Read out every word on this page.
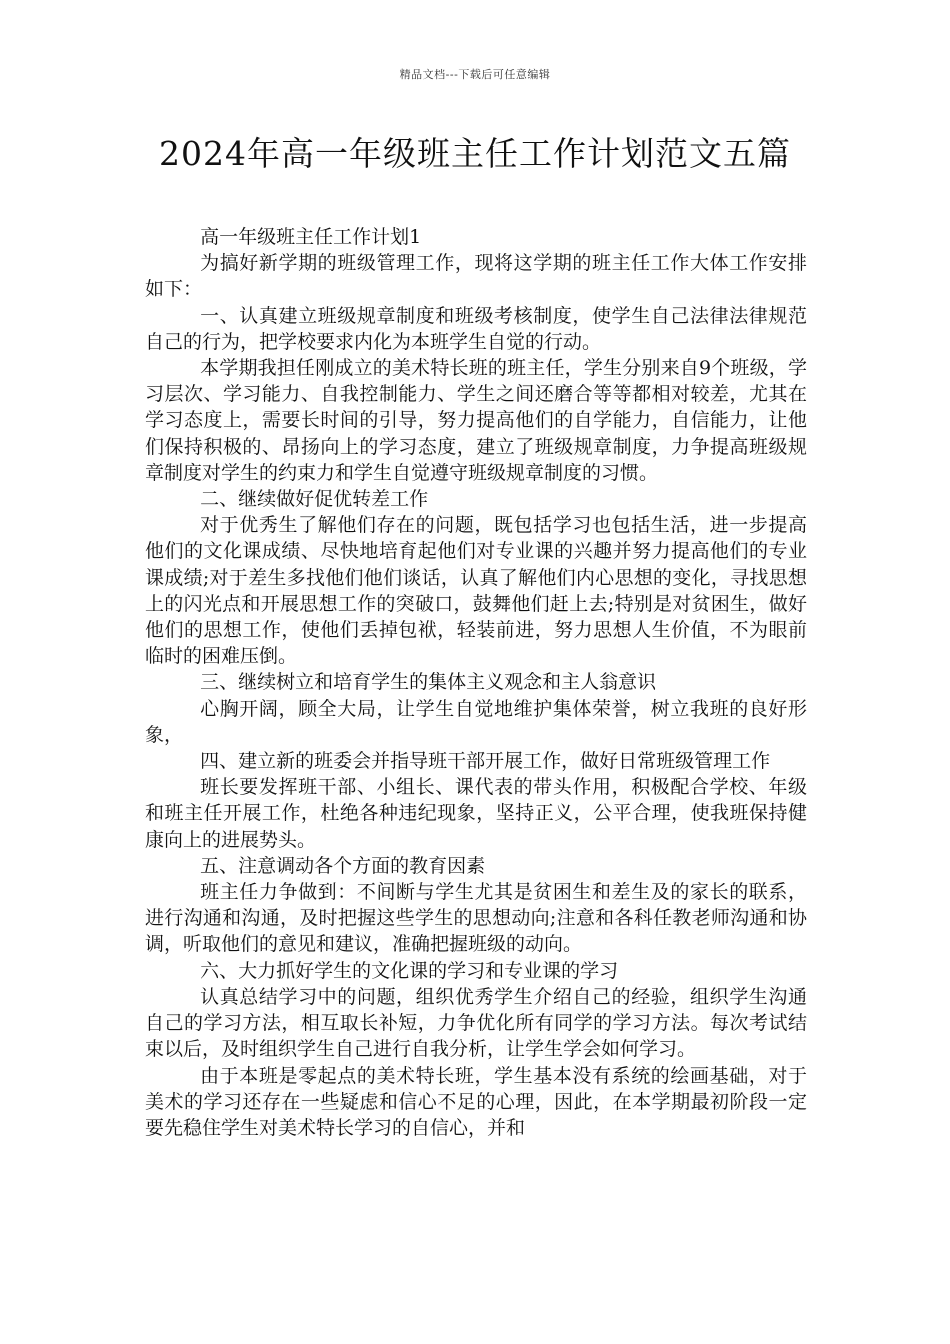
精品文档---下载后可任意编辑
2024年高一年级班主任工作计划范文五篇

高一年级班主任工作计划1

为搞好新学期的班级管理工作，现将这学期的班主任工作大体工作安排如下：

一、认真建立班级规章制度和班级考核制度，使学生自己法律法律规范自己的行为，把学校要求内化为本班学生自觉的行动。

本学期我担任刚成立的美术特长班的班主任，学生分别来自9个班级，学习层次、学习能力、自我控制能力、学生之间还磨合等等都相对较差，尤其在学习态度上，需要长时间的引导，努力提高他们的自学能力，自信能力，让他们保持积极的、昂扬向上的学习态度，建立了班级规章制度，力争提高班级规章制度对学生的约束力和学生自觉遵守班级规章制度的习惯。

二、继续做好促优转差工作

对于优秀生了解他们存在的问题，既包括学习也包括生活，进一步提高他们的文化课成绩、尽快地培育起他们对专业课的兴趣并努力提高他们的专业课成绩;对于差生多找他们他们谈话，认真了解他们内心思想的变化，寻找思想上的闪光点和开展思想工作的突破口，鼓舞他们赶上去;特别是对贫困生，做好他们的思想工作，使他们丢掉包袱，轻装前进，努力思想人生价值，不为眼前临时的困难压倒。

三、继续树立和培育学生的集体主义观念和主人翁意识

心胸开阔，顾全大局，让学生自觉地维护集体荣誉，树立我班的良好形象，

四、建立新的班委会并指导班干部开展工作，做好日常班级管理工作

班长要发挥班干部、小组长、课代表的带头作用，积极配合学校、年级和班主任开展工作，杜绝各种违纪现象，坚持正义，公平合理，使我班保持健康向上的进展势头。

五、注意调动各个方面的教育因素

班主任力争做到：不间断与学生尤其是贫困生和差生及的家长的联系，进行沟通和沟通，及时把握这些学生的思想动向;注意和各科任教老师沟通和协调，听取他们的意见和建议，准确把握班级的动向。

六、大力抓好学生的文化课的学习和专业课的学习

认真总结学习中的问题，组织优秀学生介绍自己的经验，组织学生沟通自己的学习方法，相互取长补短，力争优化所有同学的学习方法。每次考试结束以后，及时组织学生自己进行自我分析，让学生学会如何学习。

由于本班是零起点的美术特长班，学生基本没有系统的绘画基础，对于美术的学习还存在一些疑虑和信心不足的心理，因此，在本学期最初阶段一定要先稳住学生对美术特长学习的自信心，并和
